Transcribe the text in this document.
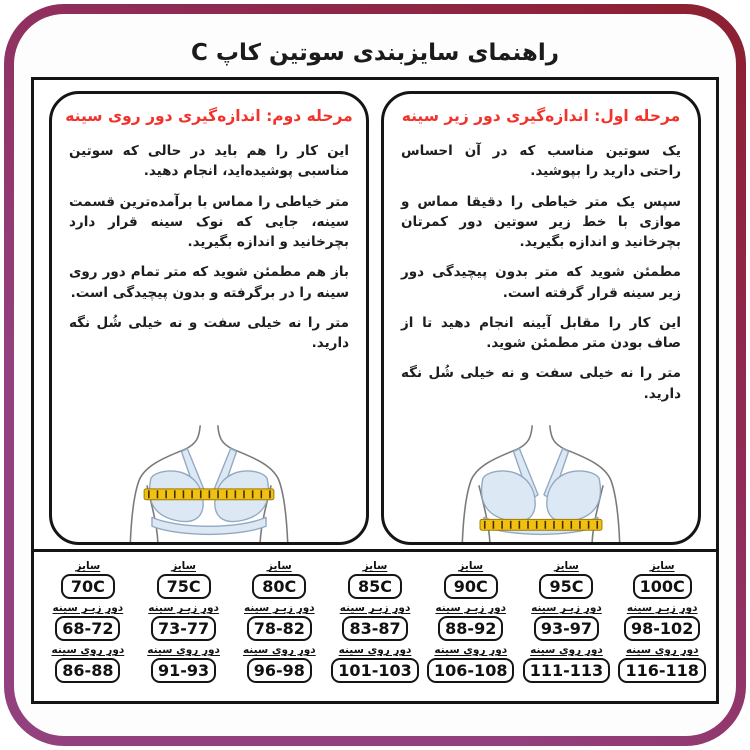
راهنمای سایزبندی سوتین کاپ C
مرحله دوم: اندازه‌گیری دور روی سینه

این کار را هم باید در حالی که سوتین مناسبی پوشیده‌اید، انجام دهید.

متر خیاطی را مماس با برآمده‌ترین قسمت سینه، جایی که نوک سینه قرار دارد بچرخانید و اندازه بگیرید.

باز هم مطمئن شوید که متر تمام دور روی سینه را در برگرفته و بدون پیچیدگی است.

متر را نه خیلی سفت و نه خیلی شُل نگه دارید.

مرحله اول: اندازه‌گیری دور زیر سینه

یک سوتین مناسب که در آن احساس راحتی دارید را بپوشید.

سپس یک متر خیاطی را دقیقا مماس و موازی با خط زیر سوتین دور کمرتان بچرخانید و اندازه بگیرید.

مطمئن شوید که متر بدون پیچیدگی دور زیر سینه قرار گرفته است.

این کار را مقابل آیینه انجام دهید تا از صاف بودن متر مطمئن شوید.

متر را نه خیلی سفت و نه خیلی شُل نگه دارید.

سایز
70C
دور زیـر سینه
68-72
دور روی سینه
86-88
سایز
75C
دور زیـر سینه
73-77
دور روی سینه
91-93
سایز
80C
دور زیـر سینه
78-82
دور روی سینه
96-98
سایز
85C
دور زیـر سینه
83-87
دور روی سینه
101-103
سایز
90C
دور زیـر سینه
88-92
دور روی سینه
106-108
سایز
95C
دور زیـر سینه
93-97
دور روی سینه
111-113
سایز
100C
دور زیـر سینه
98-102
دور روی سینه
116-118
